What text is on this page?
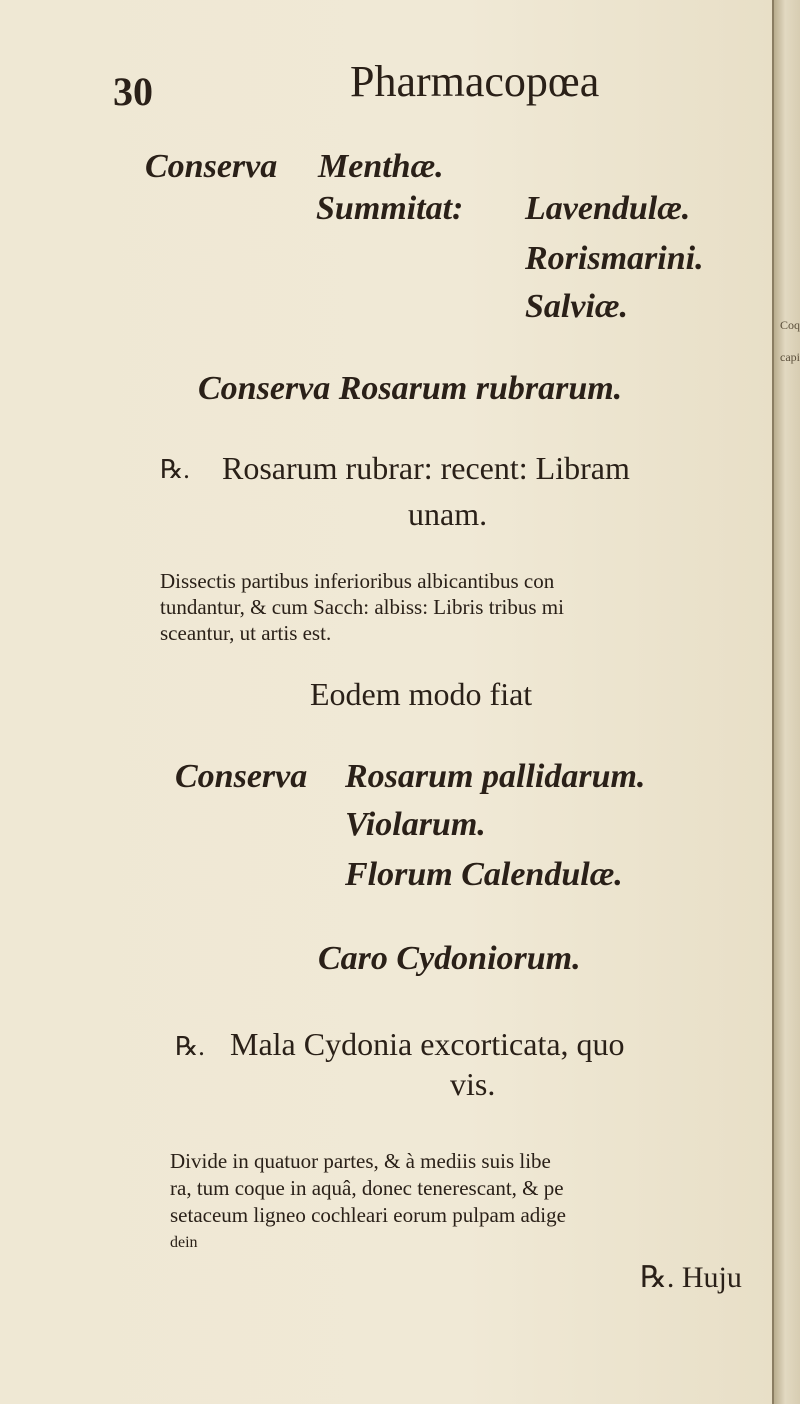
30	Pharmacopœa
Conserva Menthæ.
Summitat: Lavendulæ.
Rorismarini.
Salviæ.
Conserva Rosarum rubrarum.
℞. Rosarum rubrar: recent: Libram
unam.
Dissectis partibus inferioribus albicantibus con
tundantur, & cum Sacch: albiss: Libris tribus mi
sceantur, ut artis est.
Eodem modo fiat
Conserva Rosarum pallidarum.
Violarum.
Florum Calendulæ.
Caro Cydoniorum.
℞. Mala Cydonia excorticata, quo
vis.
Divide in quatuor partes, & à mediis suis libe
ra, tum coque in aquâ, donec tenerescant, & pe
setaceum ligneo cochleari eorum pulpam adige
dein
℞. Huju
Coq
capi
